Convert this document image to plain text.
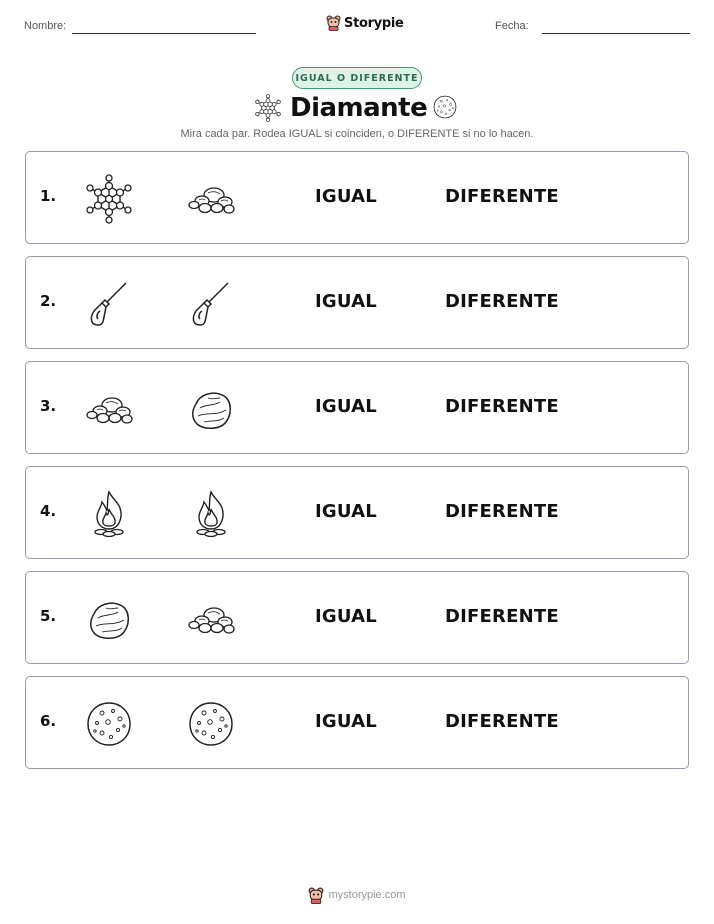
Nombre:	Storypie	Fecha:
IGUAL O DIFERENTE
Diamante
Mira cada par. Rodea IGUAL si coinciden, o DIFERENTE si no lo hacen.
1.	IGUAL	DIFERENTE
2.	IGUAL	DIFERENTE
3.	IGUAL	DIFERENTE
4.	IGUAL	DIFERENTE
5.	IGUAL	DIFERENTE
6.	IGUAL	DIFERENTE
mystorypie.com
